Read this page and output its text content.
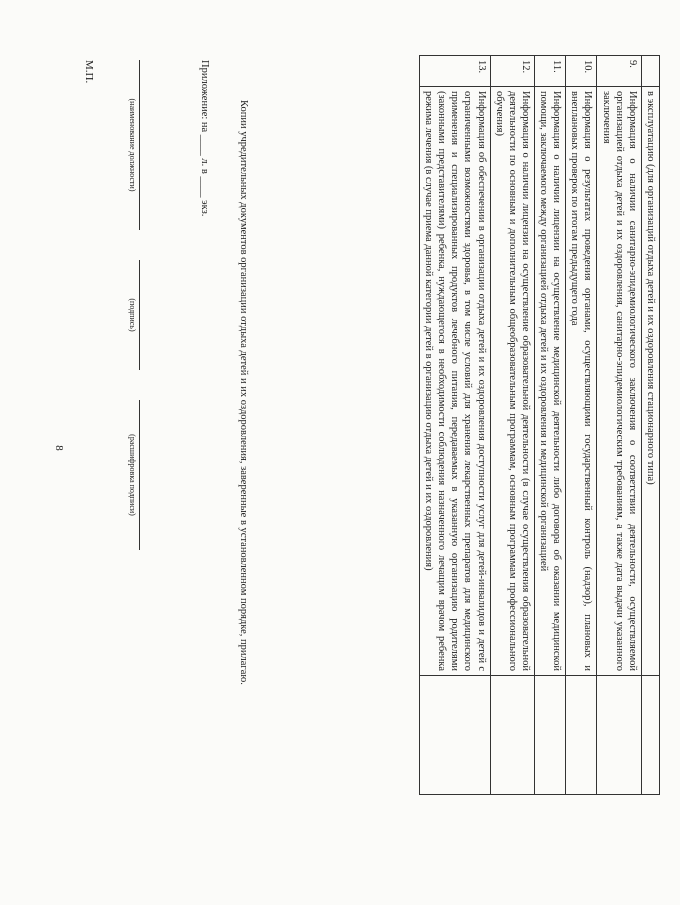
8
		в эксплуатацию (для организаций отдыха детей и их оздоровления стационарного типа)	
9.	Информация о наличии санитарно-эпидемиологического заключения о соответствии деятельности, осуществляемой организацией отдыха детей и их оздоровления, санитарно-эпидемиологическим требованиям, а также дата выдачи указанного заключения	
10.	Информация о результатах проведения органами, осуществляющими государственный контроль (надзор), плановых и внеплановых проверок по итогам предыдущего года	
11.	Информация о наличии лицензии на осуществление медицинской деятельности либо договора об оказании медицинской помощи, заключаемого между организацией отдыха детей и их оздоровления и медицинской организацией	
12.	Информация о наличии лицензии на осуществление образовательной деятельности (в случае осуществления образовательной деятельности по основным и дополнительным общеобразовательным программам, основным программам профессионального обучения)	
13.	Информация об обеспечении в организации отдыха детей и их оздоровления доступности услуг для детей-инвалидов и детей с ограниченными возможностями здоровья, в том числе условий для хранения лекарственных препаратов для медицинского применения и специализированных продуктов лечебного питания, передаваемых в указанную организацию родителями (законными представителями) ребенка, нуждающегося в необходимости соблюдения назначенного лечащим врачом ребенка режима лечения (в случае приема данной категории детей в организацию отдыха детей и их оздоровления)	

Копии учредительных документов организации отдыха детей и их оздоровления, заверенные в установленном порядке, прилагаю.

Приложение: на ____ л. в ____ экз.
(наименование должности)
(подпись)
(расшифровка подписи)
М.П.
